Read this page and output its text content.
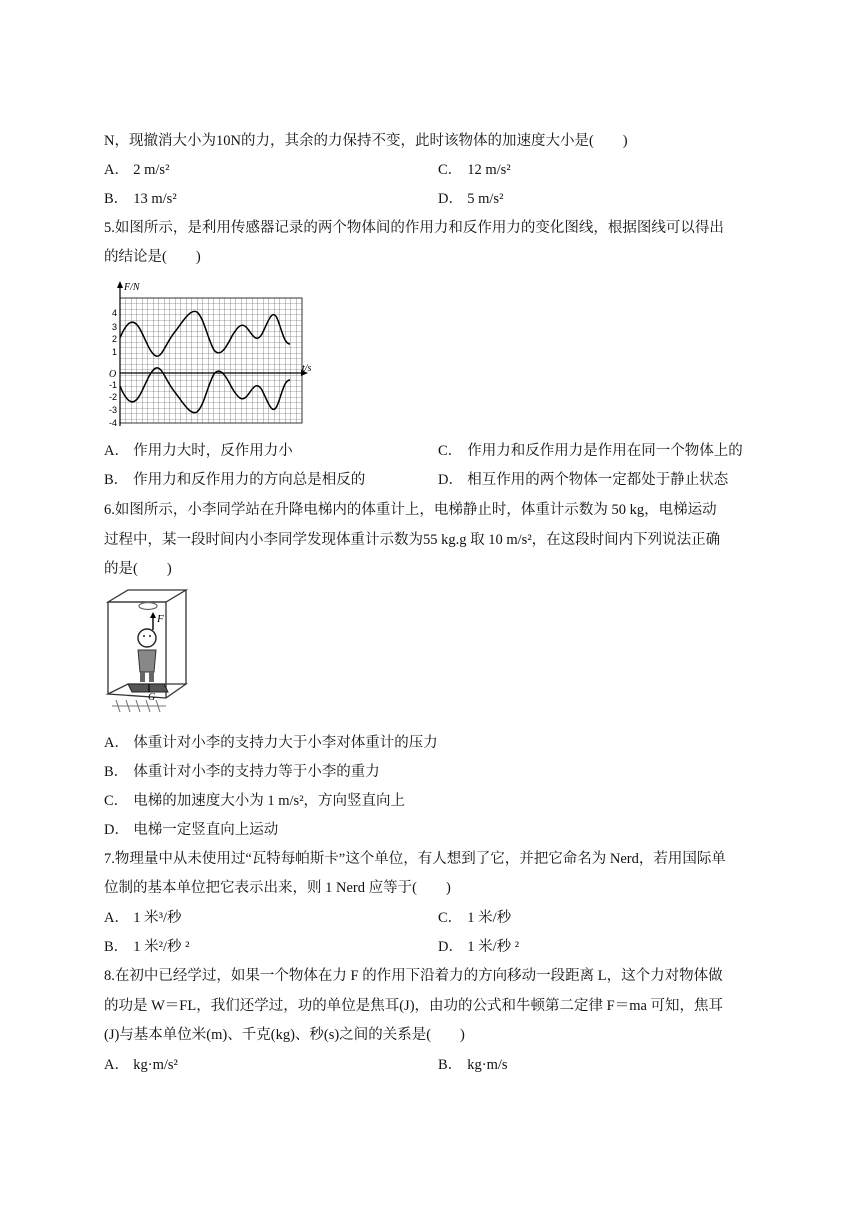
N，现撤消大小为10N的力，其余的力保持不变，此时该物体的加速度大小是(　　)
A． 2 m/s²	C． 12 m/s²
B． 13 m/s²	D． 5 m/s²
5.如图所示，是利用传感器记录的两个物体间的作用力和反作用力的变化图线，根据图线可以得出
的结论是(　　)
F/N
t/s
O
4
3
2
1
-1
-2
-3
-4
A． 作用力大时，反作用力小	C． 作用力和反作用力是作用在同一个物体上的
B． 作用力和反作用力的方向总是相反的	D． 相互作用的两个物体一定都处于静止状态
6.如图所示，小李同学站在升降电梯内的体重计上，电梯静止时，体重计示数为 50 kg，电梯运动
过程中，某一段时间内小李同学发现体重计示数为55 kg.g 取 10 m/s²，在这段时间内下列说法正确
的是(　　)
F
G
A． 体重计对小李的支持力大于小李对体重计的压力
B． 体重计对小李的支持力等于小李的重力
C． 电梯的加速度大小为 1 m/s²，方向竖直向上
D． 电梯一定竖直向上运动
7.物理量中从未使用过“瓦特每帕斯卡”这个单位，有人想到了它，并把它命名为 Nerd，若用国际单
位制的基本单位把它表示出来，则 1 Nerd 应等于(　　)
A． 1 米³/秒	C． 1 米/秒
B． 1 米²/秒 ²	D． 1 米/秒 ²
8.在初中已经学过，如果一个物体在力 F 的作用下沿着力的方向移动一段距离 L，这个力对物体做
的功是 W＝FL，我们还学过，功的单位是焦耳(J)，由功的公式和牛顿第二定律 F＝ma 可知，焦耳
(J)与基本单位米(m)、千克(kg)、秒(s)之间的关系是(　　)
A． kg·m/s²	B． kg·m/s
